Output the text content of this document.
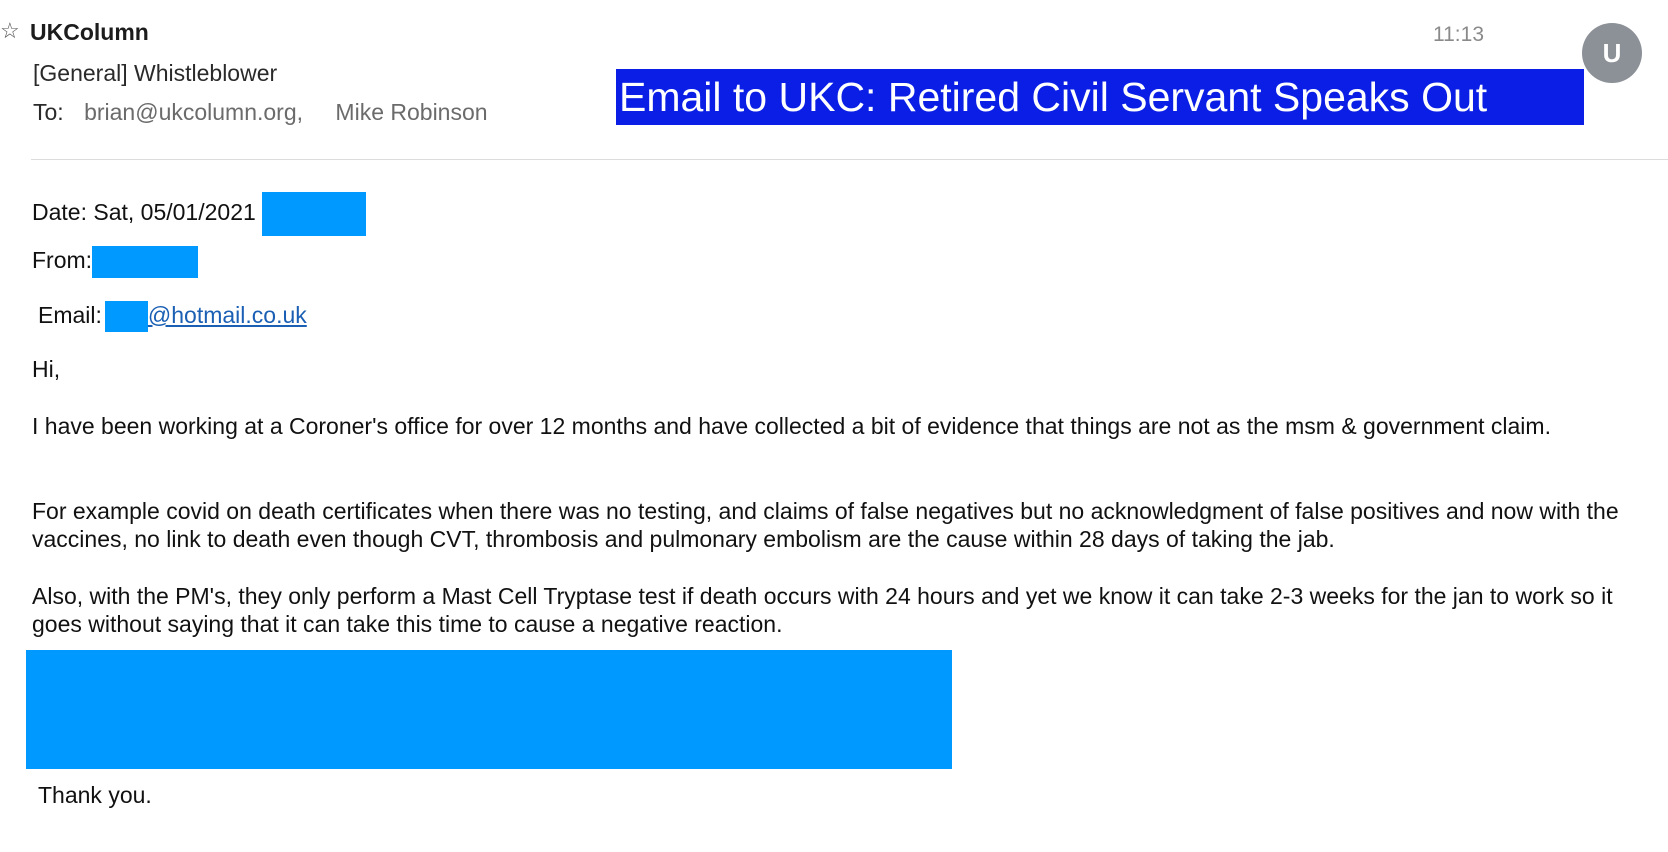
☆ UKColumn
[General] Whistleblower
To: brian@ukcolumn.org, Mike Robinson
11:13
U
Email to UKC: Retired Civil Servant Speaks Out
Date: Sat, 05/01/2021
From:
Email: @hotmail.co.uk
Hi,
I have been working at a Coroner's office for over 12 months and have collected a bit of evidence that things are not as the msm & government claim.
For example covid on death certificates when there was no testing, and claims of false negatives but no acknowledgment of false positives and now with the vaccines, no link to death even though CVT, thrombosis and pulmonary embolism are the cause within 28 days of taking the jab.
Also, with the PM's, they only perform a Mast Cell Tryptase test if death occurs with 24 hours and yet we know it can take 2-3 weeks for the jan to work so it goes without saying that it can take this time to cause a negative reaction.
Thank you.
